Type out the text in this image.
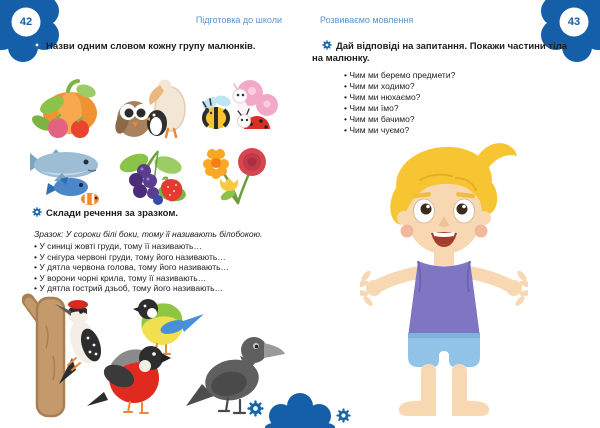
42	Підготовка до школи
Назви одним словом кожну групу малюнків.
Склади речення за зразком.
Зразок: У сороки білі боки, тому її називають білобокою.
• У синиці жовті груди, тому її називають…
• У снігура червоні груди, тому його називають…
• У дятла червона голова, тому його називають…
• У ворони чорні крила, тому її називають…
• У дятла гострий дзьоб, тому його називають…
43
Розвиваємо мовлення
Дай відповіді на запитання. Покажи частини тіла
на малюнку.
• Чим ми беремо предмети?
• Чим ми ходимо?
• Чим ми нюхаємо?
• Чим ми їмо?
• Чим ми бачимо?
• Чим ми чуємо?
